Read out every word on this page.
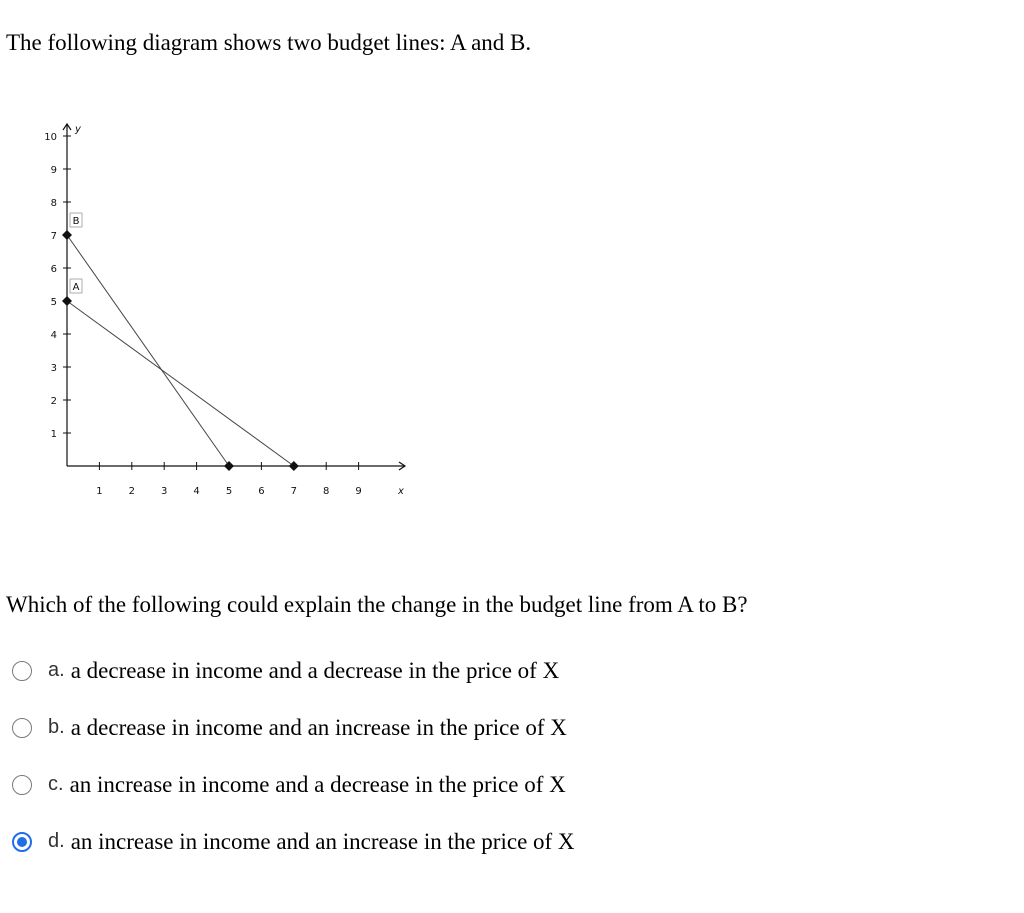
The following diagram shows two budget lines: A and B.
1
2
3
4
5
6
7
8
9
10
1	2	3	4	5	6	7	8	9
y
x
A
B
Which of the following could explain the change in the budget line from A to B?
a. a decrease in income and a decrease in the price of X
b. a decrease in income and an increase in the price of X
c. an increase in income and a decrease in the price of X
d. an increase in income and an increase in the price of X
